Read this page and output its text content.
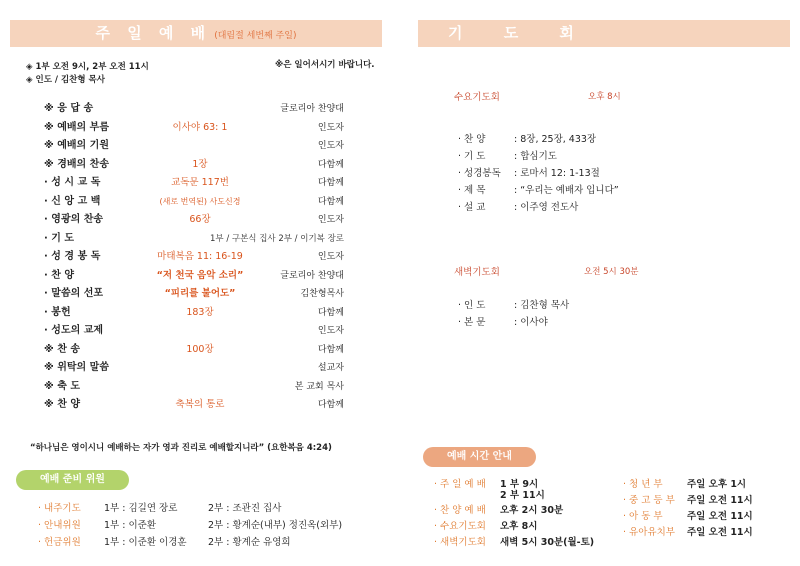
주 일 예 배 (대림절 세번째 주일)
◈ 1부 오전 9시, 2부 오전 11시	※은 일어서시기 바랍니다.
◈ 인도 / 김찬형 목사
※ 응 답 송	글로리아 찬양대
※ 예배의 부름	이사야 63: 1	인도자
※ 예배의 기원	인도자
※ 경배의 찬송	1장	다함께
· 성 시 교 독	교독문 117번	다함께
· 신 앙 고 백	(새로 번역된) 사도신경	다함께
· 영광의 찬송	66장	인도자
· 기 도	1부 / 구본식 집사 2부 / 이기복 장로
· 성 경 봉 독	마태복음 11: 16-19	인도자
· 찬 양	“저 천국 음악 소리”	글로리아 찬양대
· 말씀의 선포	“피리를 불어도”	김찬형목사
· 봉헌	183장	다함께
· 성도의 교제	인도자
※ 찬 송	100장	다함께
※ 위탁의 말씀	설교자
※ 축 도	본 교회 목사
※ 찬 양	축복의 통로	다함께
“하나님은 영이시니 예배하는 자가 영과 진리로 예배할지니라” (요한복음 4:24)
예배 준비 위원
· 내주기도	1부 : 김길연 장로	2부 : 조관진 집사
· 안내위원	1부 : 이준환	2부 : 황계순(내부) 정진옥(외부)
· 헌금위원	1부 : 이준환 이경훈	2부 : 황계순 유영희
기 도 회
수요기도회	오후 8시
· 찬 양	: 8장, 25장, 433장
· 기 도	: 합심기도
· 성경봉독 : 로마서 12: 1-13절
· 제 목	: “우리는 예배자 입니다”
· 설 교	: 이주영 전도사
새벽기도회	오전 5시 30분
· 인 도	: 김찬형 목사
· 본 문	: 이사야
예배 시간 안내
· 주 일 예 배 1 부 9시
2 부 11시
· 찬 양 예 배 오후 2시 30분
· 수요기도회 오후 8시
· 새벽기도회 새벽 5시 30분(월-토)
· 청 년 부	주일 오후 1시
· 중 고 등 부 주일 오전 11시
· 아 동 부	주일 오전 11시
· 유아유치부 주일 오전 11시
